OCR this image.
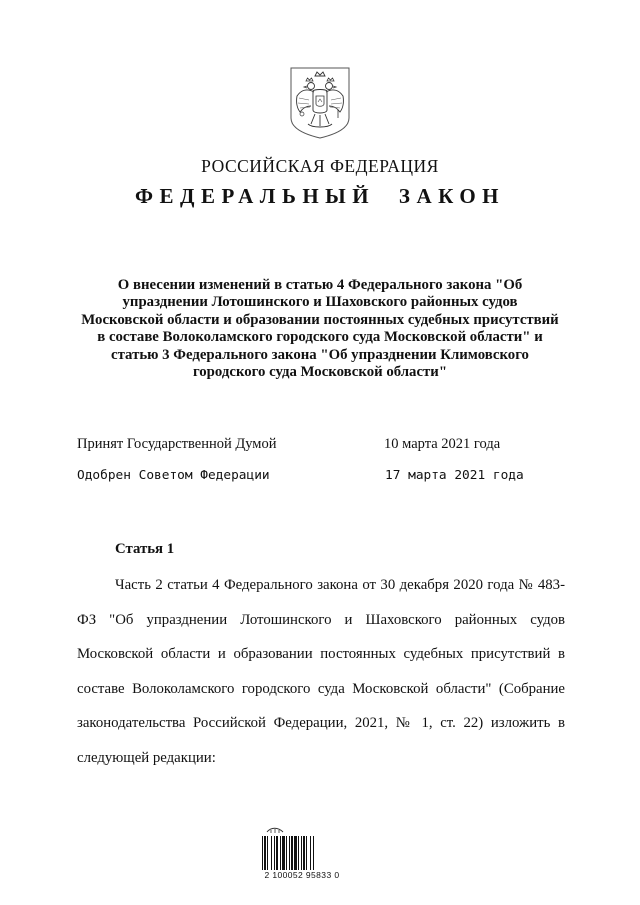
РОССИЙСКАЯ ФЕДЕРАЦИЯ
ФЕДЕРАЛЬНЫЙ ЗАКОН
О внесении изменений в статью 4 Федерального закона "Об упразднении Лотошинского и Шаховского районных судов Московской области и образовании постоянных судебных присутствий в составе Волоколамского городского суда Московской области" и статью 3 Федерального закона "Об упразднении Климовского городского суда Московской области"
Принят Государственной Думой	10 марта 2021 года
Одобрен Советом Федерации	17 марта 2021 года
Статья 1
Часть 2 статьи 4 Федерального закона от 30 декабря 2020 года № 483-ФЗ "Об упразднении Лотошинского и Шаховского районных судов Московской области и образовании постоянных судебных присутствий в составе Волоколамского городского суда Московской области" (Собрание законодательства Российской Федерации, 2021, № 1, ст. 22) изложить в следующей редакции:
2 100052 95833 0
